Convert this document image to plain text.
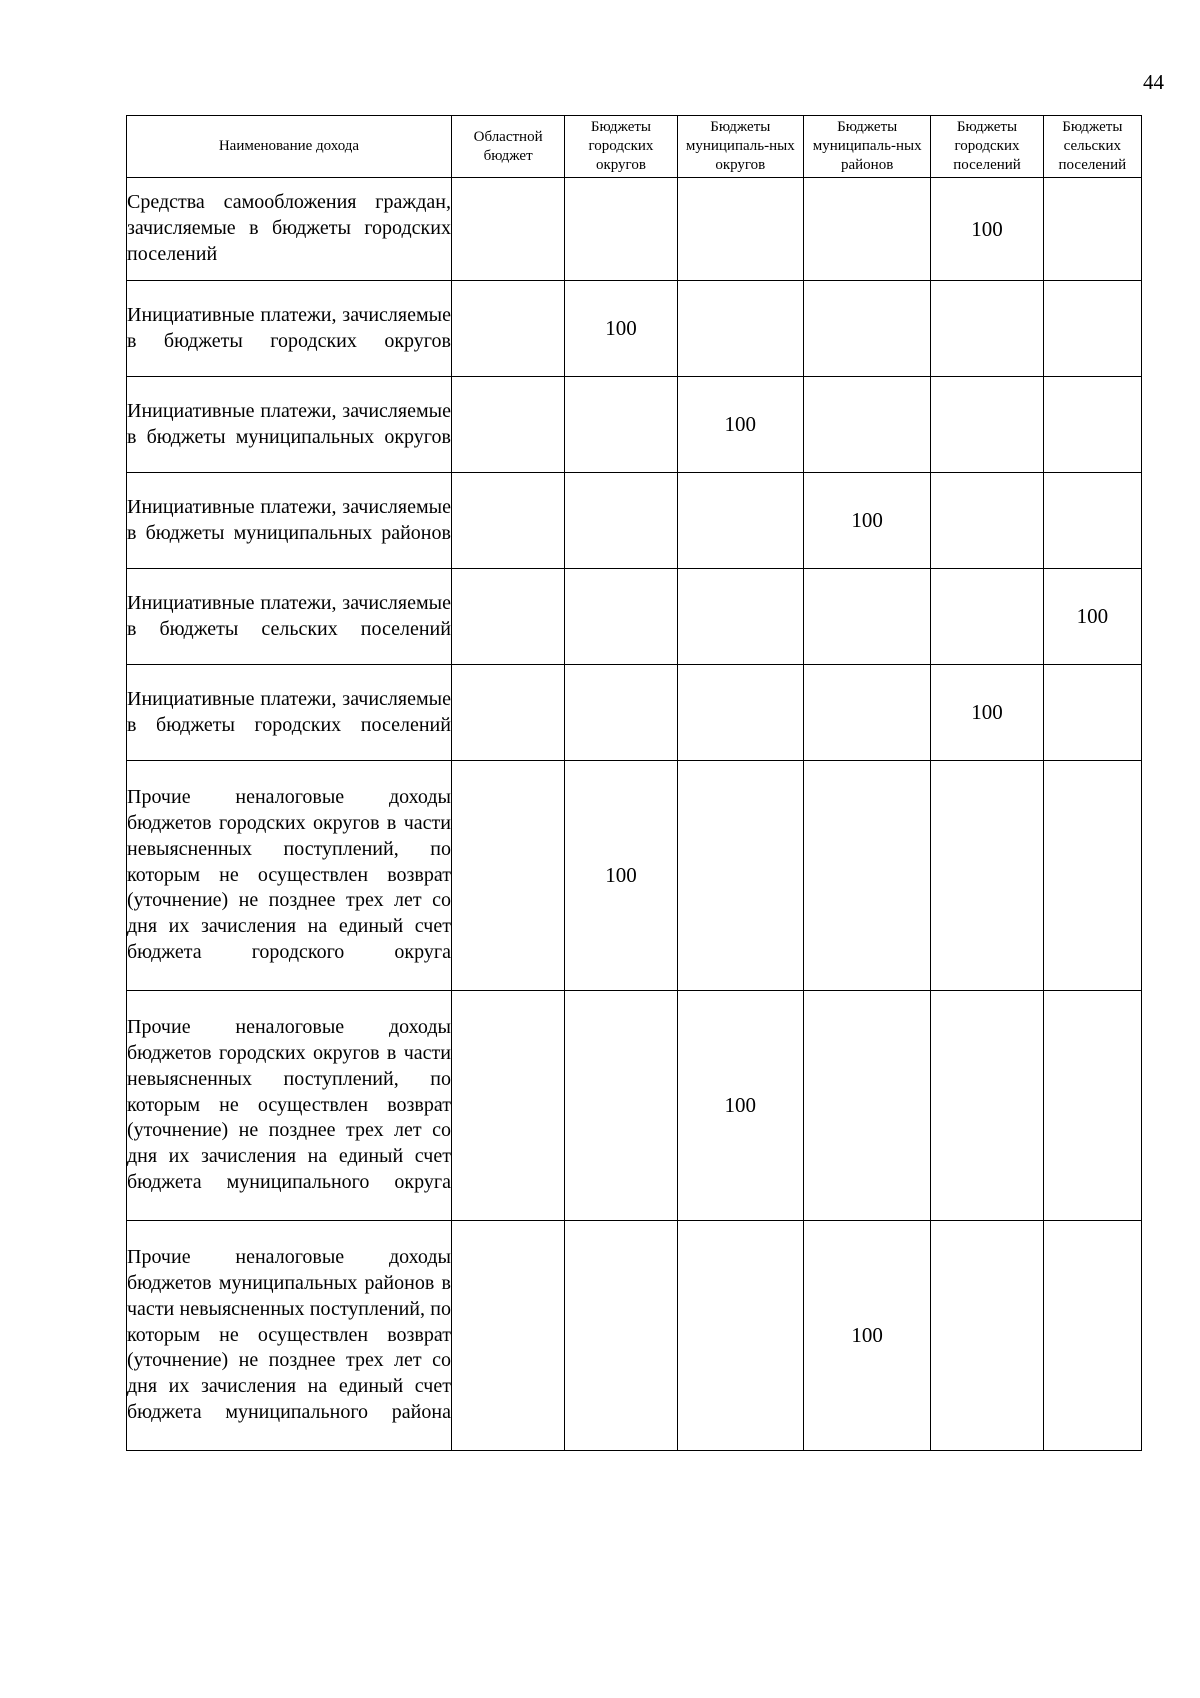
44
Наименование дохода	Областной бюджет	Бюджеты городских округов	Бюджеты муниципаль-ных округов	Бюджеты муниципаль-ных районов	Бюджеты городских поселений	Бюджеты сельских поселений
Средства самообложения граждан, зачисляемые в бюджеты городских поселений					100	
Инициативные платежи, зачисляемые в бюджеты городских округов		100				
Инициативные платежи, зачисляемые в бюджеты муниципальных округов			100			
Инициативные платежи, зачисляемые в бюджеты муниципальных районов				100		
Инициативные платежи, зачисляемые в бюджеты сельских поселений						100
Инициативные платежи, зачисляемые в бюджеты городских поселений					100	
Прочие неналоговые доходы бюджетов городских округов в части невыясненных поступлений, по которым не осуществлен возврат (уточнение) не позднее трех лет со дня их зачисления на единый счет бюджета городского округа		100				
Прочие неналоговые доходы бюджетов городских округов в части невыясненных поступлений, по которым не осуществлен возврат (уточнение) не позднее трех лет со дня их зачисления на единый счет бюджета муниципального округа			100			
Прочие неналоговые доходы бюджетов муниципальных районов в части невыясненных поступлений, по которым не осуществлен возврат (уточнение) не позднее трех лет со дня их зачисления на единый счет бюджета муниципального района				100		
